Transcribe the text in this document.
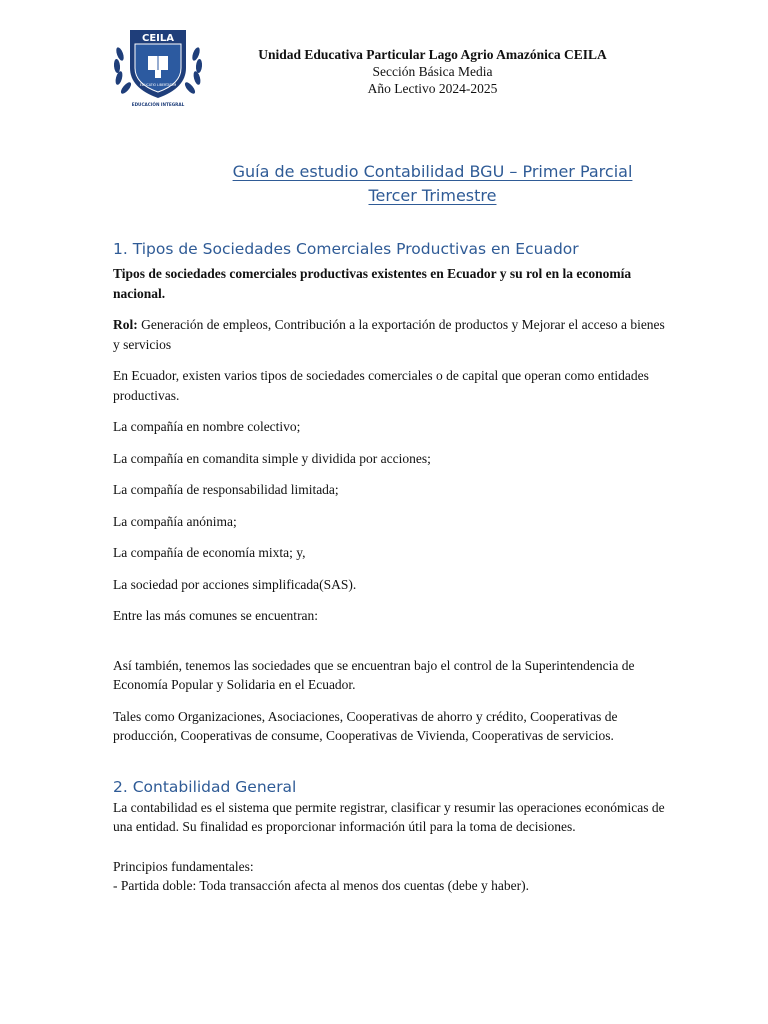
CEILA
EDUCATIO LIBERTATEM
EDUCACIÓN INTEGRAL
Unidad Educativa Particular Lago Agrio Amazónica CEILA
Sección Básica Media
Año Lectivo 2024-2025
Guía de estudio Contabilidad BGU – Primer Parcial
Tercer Trimestre
1. Tipos de Sociedades Comerciales Productivas en Ecuador

Tipos de sociedades comerciales productivas existentes en Ecuador y su rol en la economía nacional.

Rol: Generación de empleos, Contribución a la exportación de productos y Mejorar el acceso a bienes y servicios

En Ecuador, existen varios tipos de sociedades comerciales o de capital que operan como entidades productivas.

La compañía en nombre colectivo;

La compañía en comandita simple y dividida por acciones;

La compañía de responsabilidad limitada;

La compañía anónima;

La compañía de economía mixta; y,

La sociedad por acciones simplificada(SAS).

Entre las más comunes se encuentran:

Así también, tenemos las sociedades que se encuentran bajo el control de la Superintendencia de Economía Popular y Solidaria en el Ecuador.

Tales como Organizaciones, Asociaciones, Cooperativas de ahorro y crédito, Cooperativas de producción, Cooperativas de consume, Cooperativas de Vivienda, Cooperativas de servicios.

2. Contabilidad General

La contabilidad es el sistema que permite registrar, clasificar y resumir las operaciones económicas de una entidad. Su finalidad es proporcionar información útil para la toma de decisiones.

Principios fundamentales:

- Partida doble: Toda transacción afecta al menos dos cuentas (debe y haber).
